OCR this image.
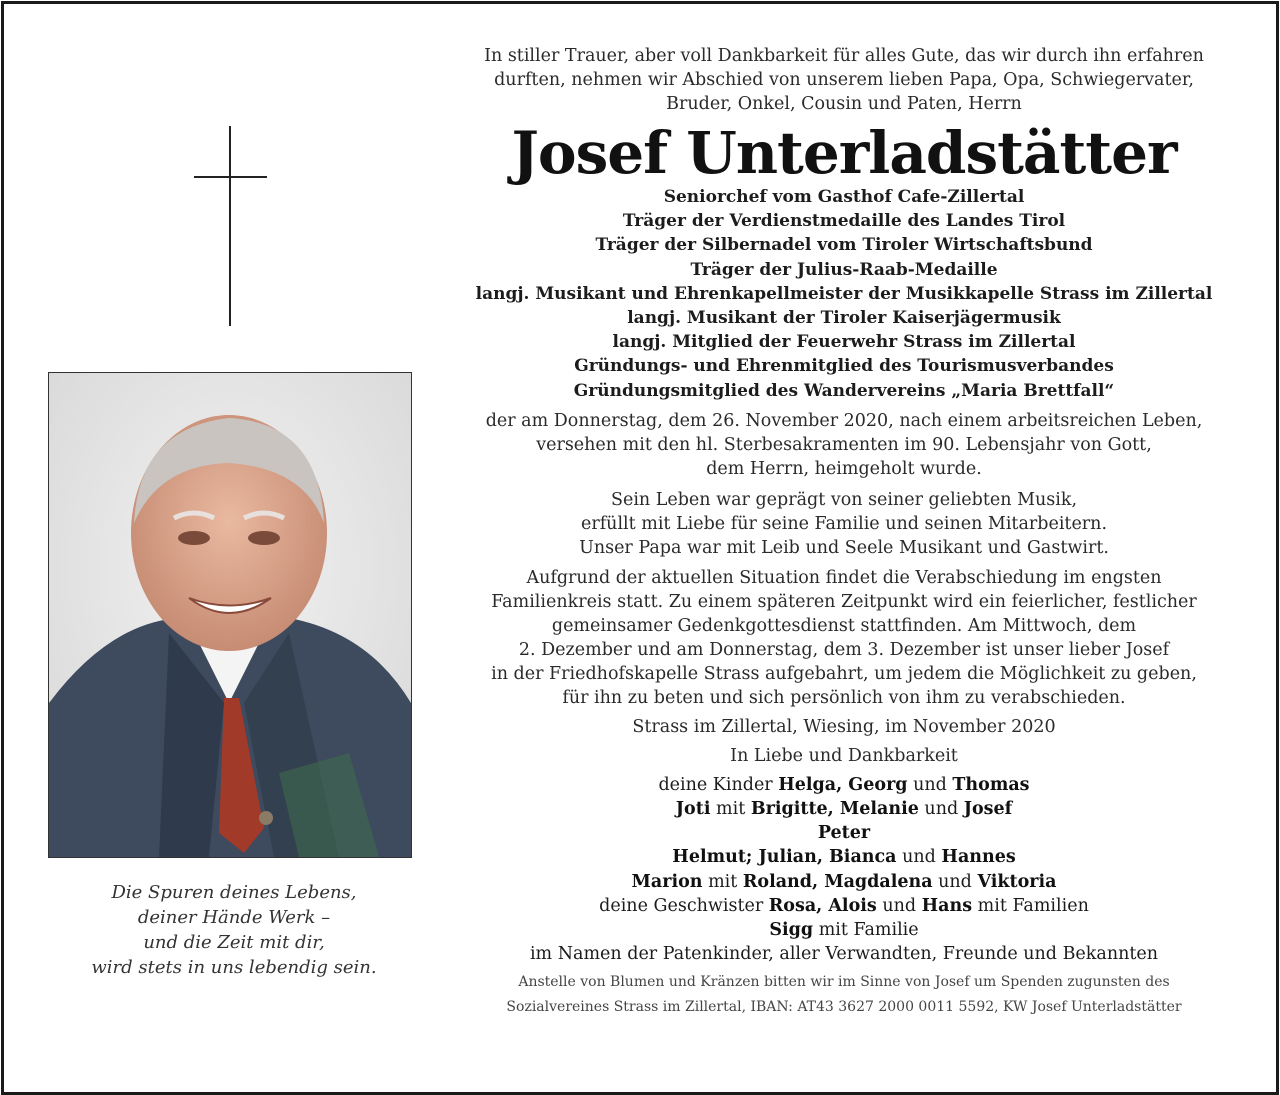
Die Spuren deines Lebens,
deiner Hände Werk –
und die Zeit mit dir,
wird stets in uns lebendig sein.
In stiller Trauer, aber voll Dankbarkeit für alles Gute, das wir durch ihn erfahren
durften, nehmen wir Abschied von unserem lieben Papa, Opa, Schwiegervater,
Bruder, Onkel, Cousin und Paten, Herrn
Josef Unterladstätter
Seniorchef vom Gasthof Cafe-Zillertal
Träger der Verdienstmedaille des Landes Tirol
Träger der Silbernadel vom Tiroler Wirtschaftsbund
Träger der Julius-Raab-Medaille
langj. Musikant und Ehrenkapellmeister der Musikkapelle Strass im Zillertal
langj. Musikant der Tiroler Kaiserjägermusik
langj. Mitglied der Feuerwehr Strass im Zillertal
Gründungs- und Ehrenmitglied des Tourismusverbandes
Gründungsmitglied des Wandervereins „Maria Brettfall“
der am Donnerstag, dem 26. November 2020, nach einem arbeitsreichen Leben,
versehen mit den hl. Sterbesakramenten im 90. Lebensjahr von Gott,
dem Herrn, heimgeholt wurde.
Sein Leben war geprägt von seiner geliebten Musik,
erfüllt mit Liebe für seine Familie und seinen Mitarbeitern.
Unser Papa war mit Leib und Seele Musikant und Gastwirt.
Aufgrund der aktuellen Situation findet die Verabschiedung im engsten
Familienkreis statt. Zu einem späteren Zeitpunkt wird ein feierlicher, festlicher
gemeinsamer Gedenkgottesdienst stattfinden. Am Mittwoch, dem
2. Dezember und am Donnerstag, dem 3. Dezember ist unser lieber Josef
in der Friedhofskapelle Strass aufgebahrt, um jedem die Möglichkeit zu geben,
für ihn zu beten und sich persönlich von ihm zu verabschieden.
Strass im Zillertal, Wiesing, im November 2020
In Liebe und Dankbarkeit
deine Kinder Helga, Georg und Thomas
Joti mit Brigitte, Melanie und Josef
Peter
Helmut; Julian, Bianca und Hannes
Marion mit Roland, Magdalena und Viktoria
deine Geschwister Rosa, Alois und Hans mit Familien
Sigg mit Familie
im Namen der Patenkinder, aller Verwandten, Freunde und Bekannten
Anstelle von Blumen und Kränzen bitten wir im Sinne von Josef um Spenden zugunsten des
Sozialvereines Strass im Zillertal, IBAN: AT43 3627 2000 0011 5592, KW Josef Unterladstätter
